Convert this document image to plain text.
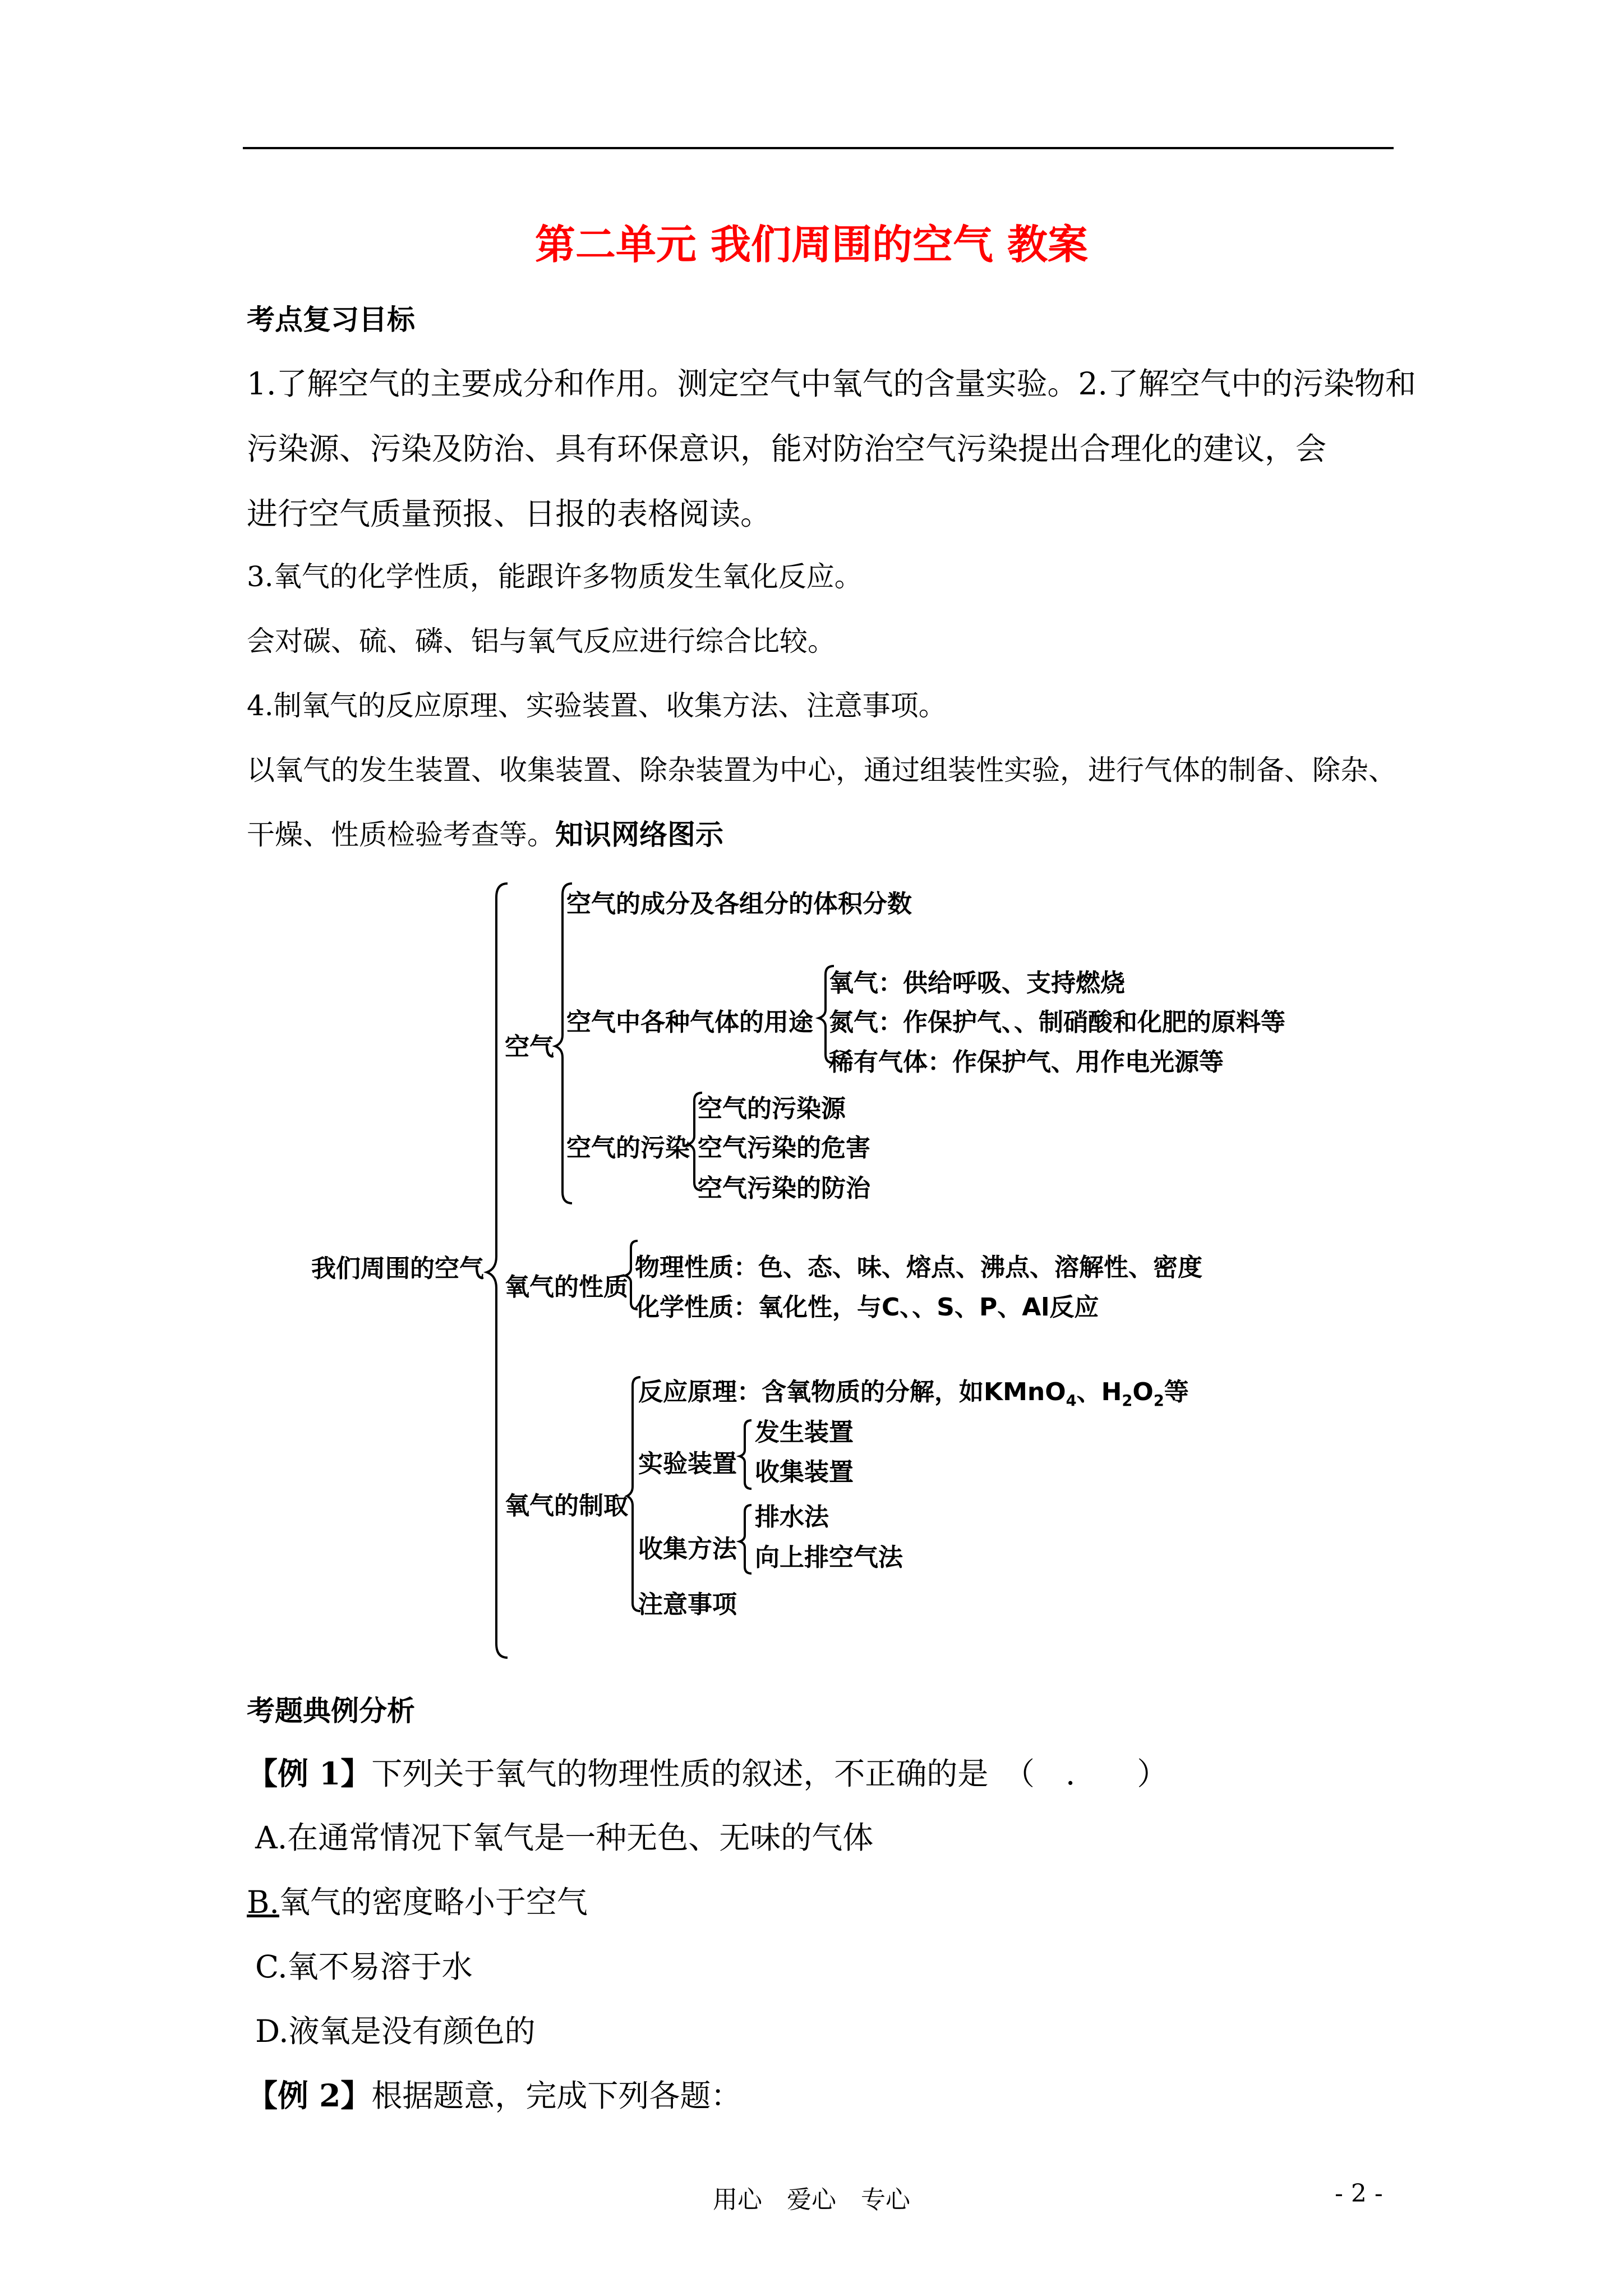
第二单元 我们周围的空气 教案
考点复习目标
1.了解空气的主要成分和作用。测定空气中氧气的含量实验。2.了解空气中的污染物和
污染源、污染及防治、具有环保意识，能对防治空气污染提出合理化的建议，会
进行空气质量预报、日报的表格阅读。
3.氧气的化学性质，能跟许多物质发生氧化反应。
会对碳、硫、磷、铝与氧气反应进行综合比较。
4.制氧气的反应原理、实验装置、收集方法、注意事项。
以氧气的发生装置、收集装置、除杂装置为中心，通过组装性实验，进行气体的制备、除杂、
干燥、性质检验考查等。知识网络图示
我们周围的空气
空气
空气的成分及各组分的体积分数
空气中各种气体的用途
氧气：供给呼吸、支持燃烧
氮气：作保护气、、制硝酸和化肥的原料等
稀有气体：作保护气、用作电光源等
空气的污染
空气的污染源
空气污染的危害
空气污染的防治
氧气的性质
物理性质：色、态、味、熔点、沸点、溶解性、密度
化学性质：氧化性，与C、、S、P、Al反应
氧气的制取
反应原理：含氧物质的分解，如KMnO$_4$、$H_2O_2$等
实验装置
发生装置
收集装置
收集方法
排水法
向上排空气法
注意事项
考题典例分析
【例 1】下列关于氧气的物理性质的叙述，不正确的是　（　.　　）
A.在通常情况下氧气是一种无色、无味的气体
B.氧气的密度略小于空气
C.氧不易溶于水
D.液氧是没有颜色的
【例 2】根据题意，完成下列各题：
用心　爱心　专心	- 2 -
